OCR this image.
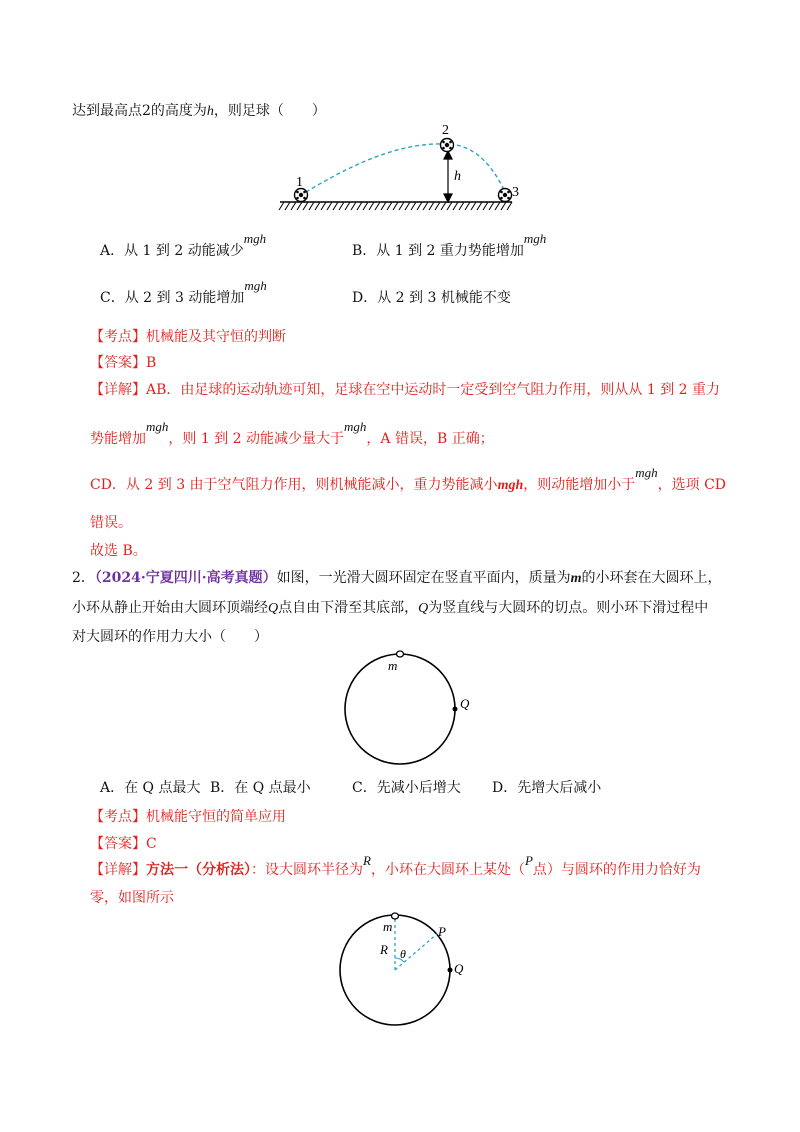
达到最高点2的高度为h，则足球（　　）
1
2
3
h
A．从 1 到 2 动能减少mgh
B．从 1 到 2 重力势能增加mgh
C．从 2 到 3 动能增加mgh
D．从 2 到 3 机械能不变
【考点】机械能及其守恒的判断
【答案】B
【详解】AB．由足球的运动轨迹可知，足球在空中运动时一定受到空气阻力作用，则从从 1 到 2 重力
势能增加mgh，则 1 到 2 动能减少量大于mgh，A 错误，B 正确；
CD．从 2 到 3 由于空气阻力作用，则机械能减小，重力势能减小mgh，则动能增加小于mgh，选项 CD
错误。
故选 B。
2．（2024·宁夏四川·高考真题）如图，一光滑大圆环固定在竖直平面内，质量为m的小环套在大圆环上，
小环从静止开始由大圆环顶端经Q点自由下滑至其底部，Q为竖直线与大圆环的切点。则小环下滑过程中
对大圆环的作用力大小（　　）
m
Q
A．在 Q 点最大 B．在 Q 点最小	C．先减小后增大 D．先增大后减小
【考点】机械能守恒的简单应用
【答案】C
【详解】方法一（分析法）：设大圆环半径为R，小环在大圆环上某处（P点）与圆环的作用力恰好为
零，如图所示
m
R θ
P
Q
